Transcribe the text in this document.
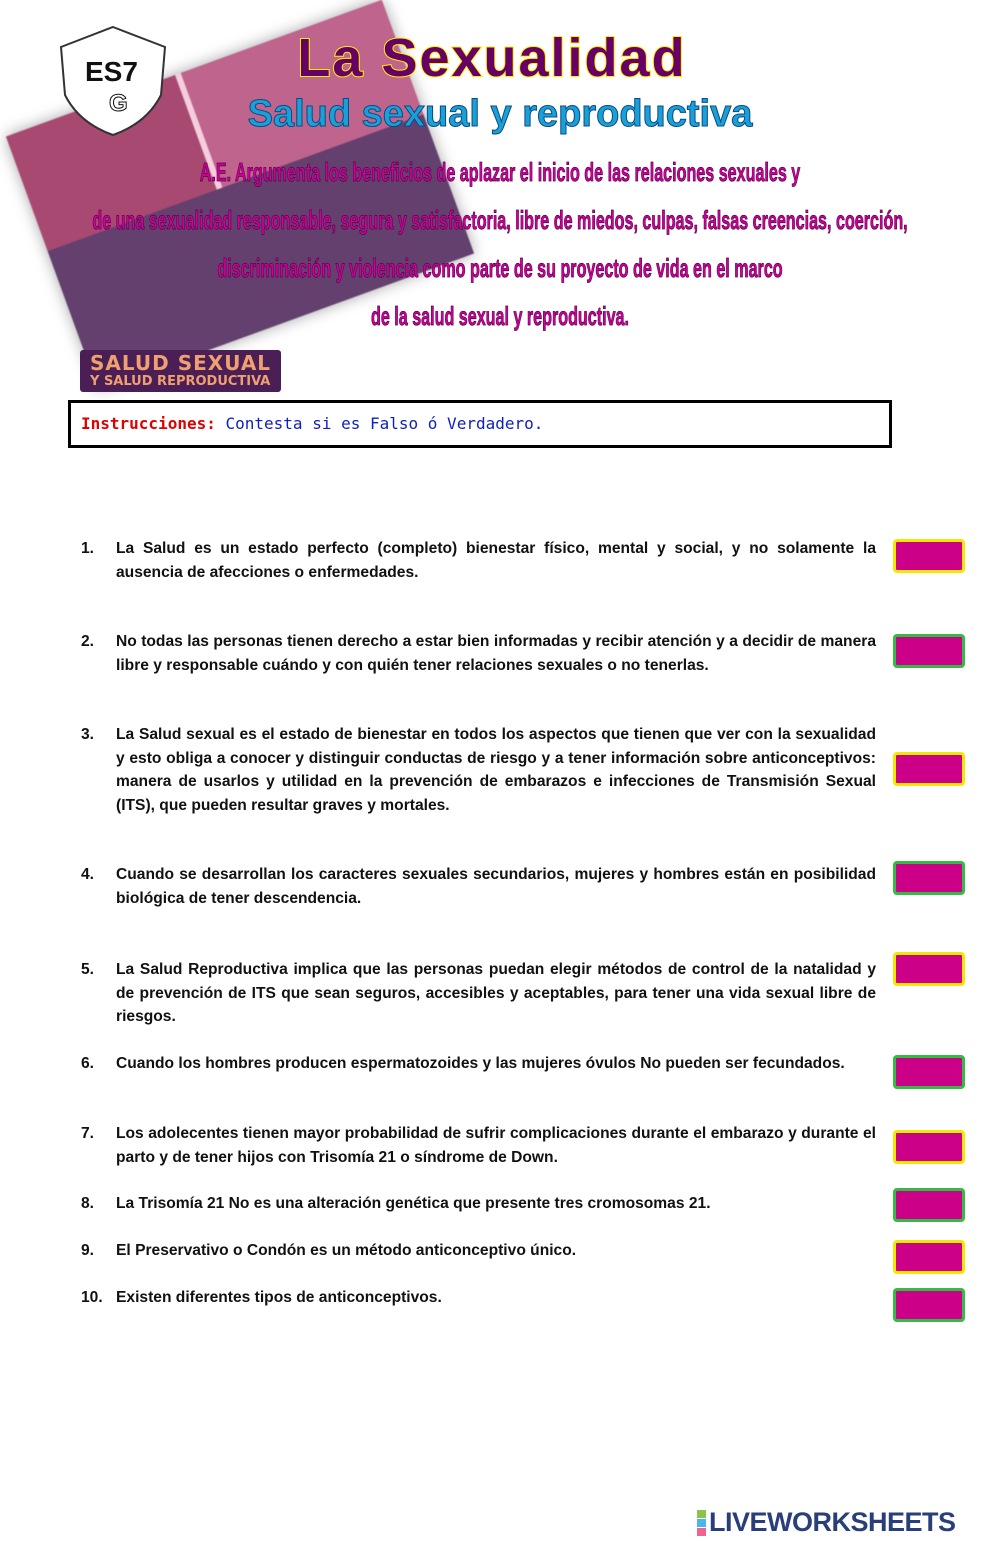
SALUD SEXUAL
Y SALUD REPRODUCTIVA
ES7
G
La Sexualidad
Salud sexual y reproductiva
A.E. Argumenta los beneficios de aplazar el inicio de las relaciones sexuales y
de una sexualidad responsable, segura y satisfactoria, libre de miedos, culpas, falsas creencias, coerción,
discriminación y violencia como parte de su proyecto de vida en el marco
de la salud sexual y reproductiva.
Instrucciones: Contesta si es Falso ó Verdadero.
1. La Salud es un estado perfecto (completo) bienestar físico, mental y social, y no solamente la ausencia de afecciones o enfermedades.
2. No todas las personas tienen derecho a estar bien informadas y recibir atención y a decidir de manera libre y responsable cuándo y con quién tener relaciones sexuales o no tenerlas.
3. La Salud sexual es el estado de bienestar en todos los aspectos que tienen que ver con la sexualidad y esto obliga a conocer y distinguir conductas de riesgo y a tener información sobre anticonceptivos: manera de usarlos y utilidad en la prevención de embarazos e infecciones de Transmisión Sexual (ITS), que pueden resultar graves y mortales.
4. Cuando se desarrollan los caracteres sexuales secundarios, mujeres y hombres están en posibilidad biológica de tener descendencia.
5. La Salud Reproductiva implica que las personas puedan elegir métodos de control de la natalidad y de prevención de ITS que sean seguros, accesibles y aceptables, para tener una vida sexual libre de riesgos.
6. Cuando los hombres producen espermatozoides y las mujeres óvulos No pueden ser fecundados.
7. Los adolecentes tienen mayor probabilidad de sufrir complicaciones durante el embarazo y durante el parto y de tener hijos con Trisomía 21 o síndrome de Down.
8. La Trisomía 21 No es una alteración genética que presente tres cromosomas 21.
9. El Preservativo o Condón es un método anticonceptivo único.
10. Existen diferentes tipos de anticonceptivos.
LIVEWORKSHEETS
